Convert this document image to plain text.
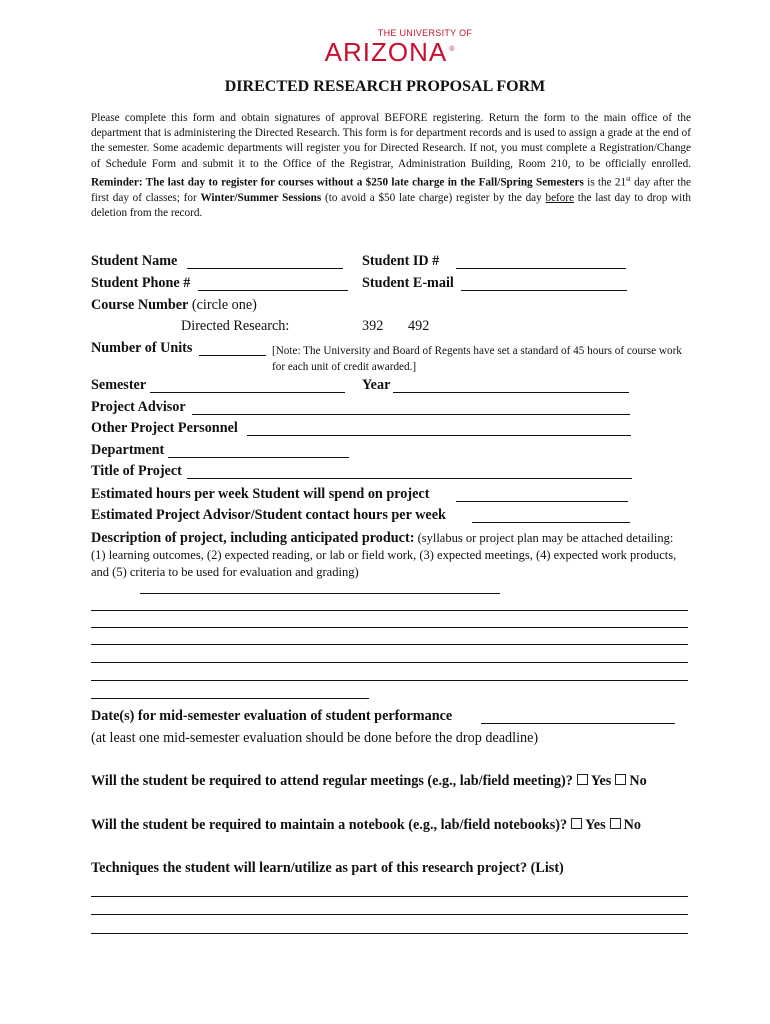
THE UNIVERSITY OF
ARIZONA ®
DIRECTED RESEARCH PROPOSAL FORM
Please complete this form and obtain signatures of approval BEFORE registering. Return the form to the main office of the department that is administering the Directed Research. This form is for department records and is used to assign a grade at the end of the semester. Some academic departments will register you for Directed Research. If not, you must complete a Registration/Change of Schedule Form and submit it to the Office of the Registrar, Administration Building, Room 210, to be officially enrolled. Reminder: The last day to register for courses without a $250 late charge in the Fall/Spring Semesters is the 21st day after the first day of classes; for Winter/Summer Sessions (to avoid a $50 late charge) register by the day before the last day to drop with deletion from the record.
Student Name	Student ID #
Student Phone #	Student E-mail
Course Number (circle one)
Directed Research:	392 492
Number of Units	[Note: The University and Board of Regents have set a standard of 45 hours of course work for each unit of credit awarded.]
Semester	Year
Project Advisor
Other Project Personnel
Department
Title of Project
Estimated hours per week Student will spend on project
Estimated Project Advisor/Student contact hours per week
Description of project, including anticipated product: (syllabus or project plan may be attached detailing: (1) learning outcomes, (2) expected reading, or lab or field work, (3) expected meetings, (4) expected work products, and (5) criteria to be used for evaluation and grading)
Date(s) for mid-semester evaluation of student performance
(at least one mid-semester evaluation should be done before the drop deadline)
Will the student be required to attend regular meetings (e.g., lab/field meeting)? Yes No
Will the student be required to maintain a notebook (e.g., lab/field notebooks)? Yes No
Techniques the student will learn/utilize as part of this research project? (List)
